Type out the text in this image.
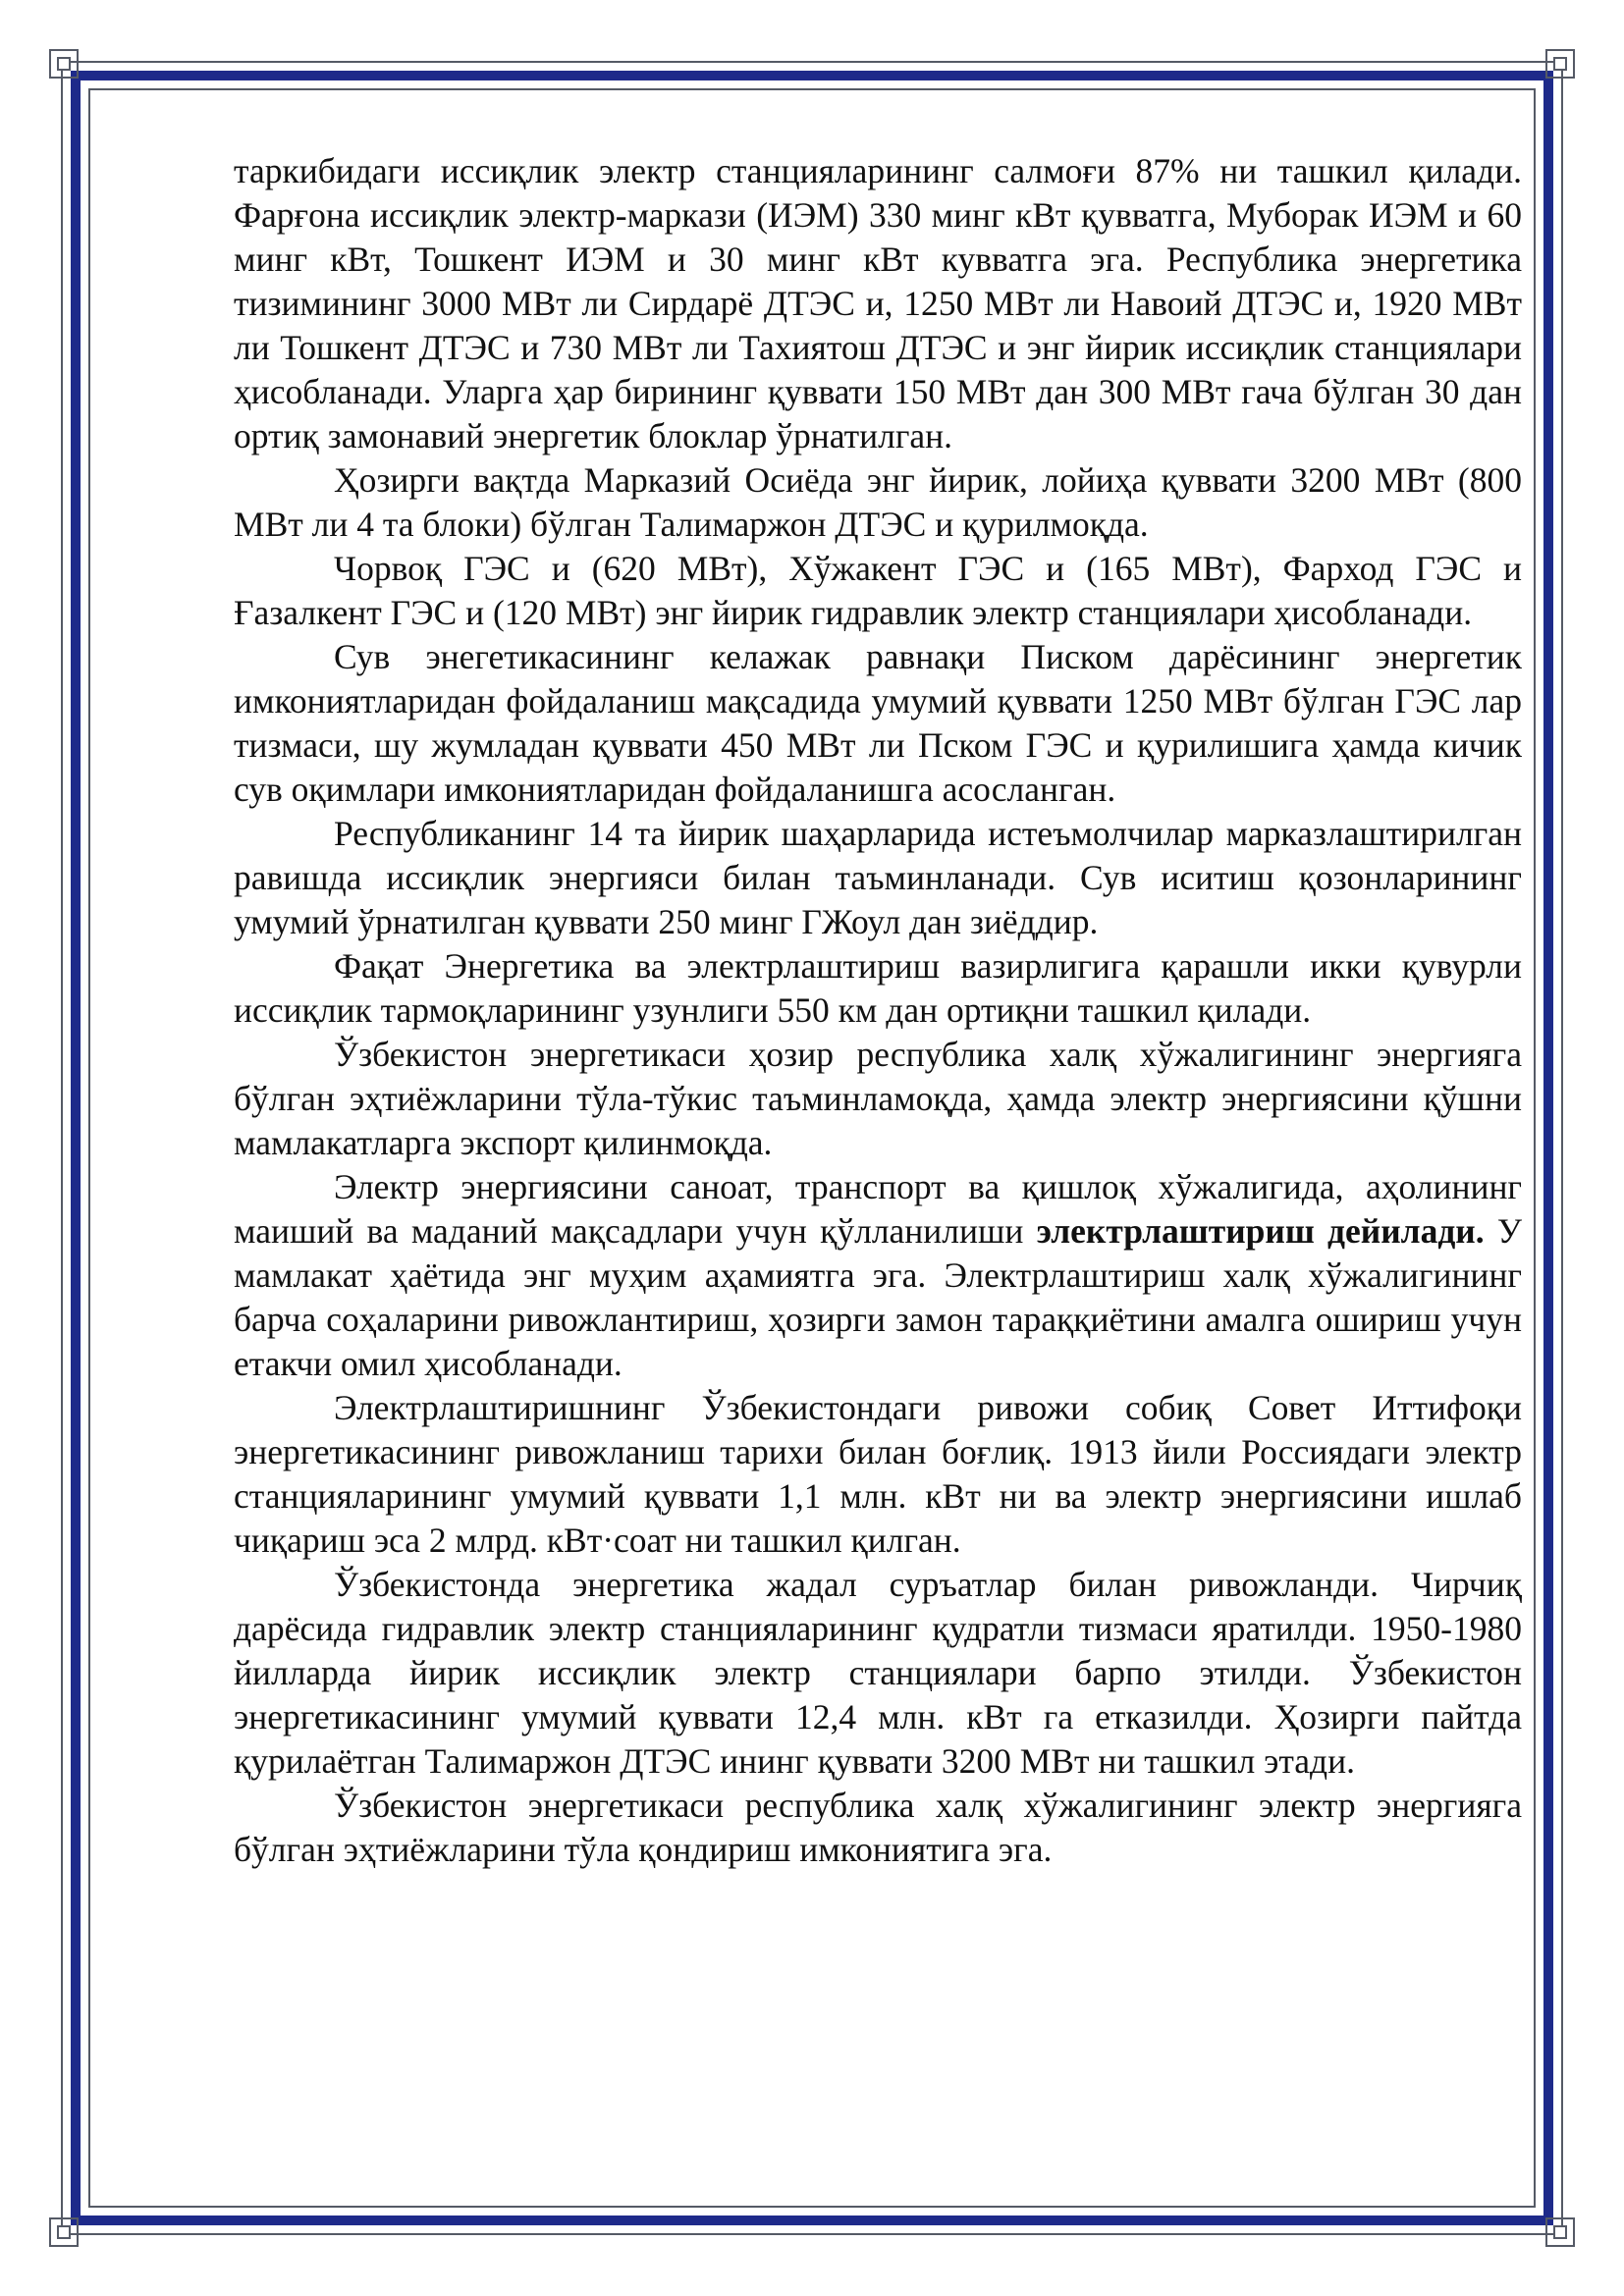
таркибидаги иссиқлик электр станцияларининг салмоғи 87% ни ташкил қилади. Фарғона иссиқлик электр-маркази (ИЭМ) 330 минг кВт қувватга, Муборак ИЭМ и 60 минг кВт, Тошкент ИЭМ и 30 минг кВт кувватга эга. Республика энергетика тизимининг 3000 МВт ли Сирдарё ДТЭС и, 1250 МВт ли Навоий ДТЭС и, 1920 МВт ли Тошкент ДТЭС и 730 МВт ли Тахиятош ДТЭС и энг йирик иссиқлик станциялари ҳисобланади. Уларга ҳар бирининг қуввати 150 МВт дан 300 МВт гача бўлган 30 дан ортиқ замонавий энергетик блоклар ўрнатилган.

Ҳозирги вақтда Марказий Осиёда энг йирик, лойиҳа қуввати 3200 МВт (800 МВт ли 4 та блоки) бўлган Талимаржон ДТЭС и қурилмоқда.

Чорвоқ ГЭС и (620 МВт), Хўжакент ГЭС и (165 МВт), Фарход ГЭС и Ғазалкент ГЭС и (120 МВт) энг йирик гидравлик электр станциялари ҳисобланади.

Сув энегетикасининг келажак равнақи Писком дарёсининг энергетик имкониятларидан фойдаланиш мақсадида умумий қуввати 1250 МВт бўлган ГЭС лар тизмаси, шу жумладан қуввати 450 МВт ли Пском ГЭС и қурилишига ҳамда кичик сув оқимлари имкониятларидан фойдаланишга асосланган.

Республиканинг 14 та йирик шаҳарларида истеъмолчилар марказлаштирилган равишда иссиқлик энергияси билан таъминланади. Сув иситиш қозонларининг умумий ўрнатилган қуввати 250 минг ГЖоул дан зиёддир.

Фақат Энергетика ва электрлаштириш вазирлигига қарашли икки қувурли иссиқлик тармоқларининг узунлиги 550 км дан ортиқни ташкил қилади.

Ўзбекистон энергетикаси ҳозир республика халқ хўжалигининг энергияга бўлган эҳтиёжларини тўла-тўкис таъминламоқда, ҳамда электр энергиясини қўшни мамлакатларга экспорт қилинмоқда.

Электр энергиясини саноат, транспорт ва қишлоқ хўжалигида, аҳолининг маиший ва маданий мақсадлари учун қўлланилиши электрлаштириш дейилади. У мамлакат ҳаётида энг муҳим аҳамиятга эга. Электрлаштириш халқ хўжалигининг барча соҳаларини ривожлантириш, ҳозирги замон тараққиётини амалга ошириш учун етакчи омил ҳисобланади.

Электрлаштиришнинг Ўзбекистондаги ривожи собиқ Совет Иттифоқи энергетикасининг ривожланиш тарихи билан боғлиқ. 1913 йили Россиядаги электр станцияларининг умумий қуввати 1,1 млн. кВт ни ва электр энергиясини ишлаб чиқариш эса 2 млрд. кВт·соат ни ташкил қилган.

Ўзбекистонда энергетика жадал суръатлар билан ривожланди. Чирчиқ дарёсида гидравлик электр станцияларининг қудратли тизмаси яратилди. 1950-1980 йилларда йирик иссиқлик электр станциялари барпо этилди. Ўзбекистон энергетикасининг умумий қуввати 12,4 млн. кВт га етказилди. Ҳозирги пайтда қурилаётган Талимаржон ДТЭС ининг қуввати 3200 МВт ни ташкил этади.

Ўзбекистон энергетикаси республика халқ хўжалигининг электр энергияга бўлган эҳтиёжларини тўла қондириш имкониятига эга.
